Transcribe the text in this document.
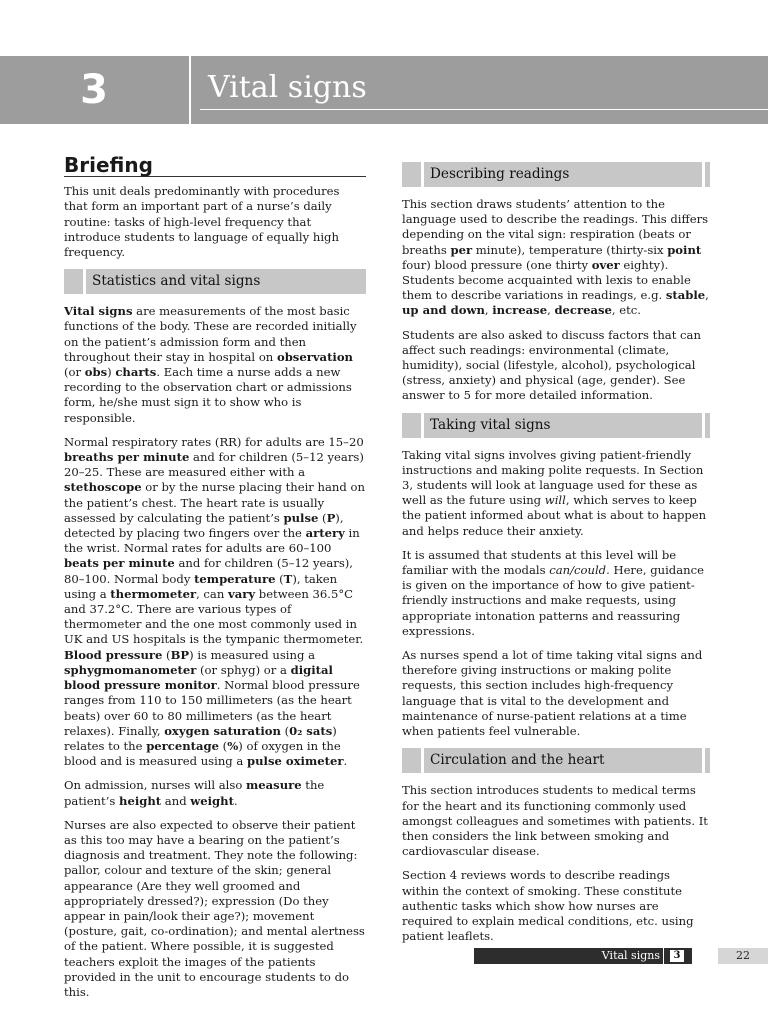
3	Vital signs
Briefing

This unit deals predominantly with procedures that form an important part of a nurse’s daily routine: tasks of high-level frequency that introduce students to language of equally high frequency.

Statistics and vital signs

Vital signs are measurements of the most basic functions of the body. These are recorded initially on the patient’s admission form and then throughout their stay in hospital on observation (or obs) charts. Each time a nurse adds a new recording to the observation chart or admissions form, he/she must sign it to show who is responsible.

Normal respiratory rates (RR) for adults are 15–20 breaths per minute and for children (5–12 years) 20–25. These are measured either with a stethoscope or by the nurse placing their hand on the patient’s chest. The heart rate is usually assessed by calculating the patient’s pulse (P), detected by placing two fingers over the artery in the wrist. Normal rates for adults are 60–100 beats per minute and for children (5–12 years), 80–100. Normal body temperature (T), taken using a thermometer, can vary between 36.5°C and 37.2°C. There are various types of thermometer and the one most commonly used in UK and US hospitals is the tympanic thermometer. Blood pressure (BP) is measured using a sphygmomanometer (or sphyg) or a digital blood pressure monitor. Normal blood pressure ranges from 110 to 150 millimeters (as the heart beats) over 60 to 80 millimeters (as the heart relaxes). Finally, oxygen saturation (0₂ sats) relates to the percentage (%) of oxygen in the blood and is measured using a pulse oximeter.

On admission, nurses will also measure the patient’s height and weight.

Nurses are also expected to observe their patient as this too may have a bearing on the patient’s diagnosis and treatment. They note the following: pallor, colour and texture of the skin; general appearance (Are they well groomed and appropriately dressed?); expression (Do they appear in pain/look their age?); movement (posture, gait, co-ordination); and mental alertness of the patient. Where possible, it is suggested teachers exploit the images of the patients provided in the unit to encourage students to do this.

Describing readings

This section draws students’ attention to the language used to describe the readings. This differs depending on the vital sign: respiration (beats or breaths per minute), temperature (thirty-six point four) blood pressure (one thirty over eighty). Students become acquainted with lexis to enable them to describe variations in readings, e.g. stable, up and down, increase, decrease, etc.

Students are also asked to discuss factors that can affect such readings: environmental (climate, humidity), social (lifestyle, alcohol), psychological (stress, anxiety) and physical (age, gender). See answer to 5 for more detailed information.

Taking vital signs

Taking vital signs involves giving patient-friendly instructions and making polite requests. In Section 3, students will look at language used for these as well as the future using will, which serves to keep the patient informed about what is about to happen and helps reduce their anxiety.

It is assumed that students at this level will be familiar with the modals can/could. Here, guidance is given on the importance of how to give patient-friendly instructions and make requests, using appropriate intonation patterns and reassuring expressions.

As nurses spend a lot of time taking vital signs and therefore giving instructions or making polite requests, this section includes high-frequency language that is vital to the development and maintenance of nurse-patient relations at a time when patients feel vulnerable.

Circulation and the heart

This section introduces students to medical terms for the heart and its functioning commonly used amongst colleagues and sometimes with patients. It then considers the link between smoking and cardiovascular disease.

Section 4 reviews words to describe readings within the context of smoking. These constitute authentic tasks which show how nurses are required to explain medical conditions, etc. using patient leaflets.

Vital signs	3	22
